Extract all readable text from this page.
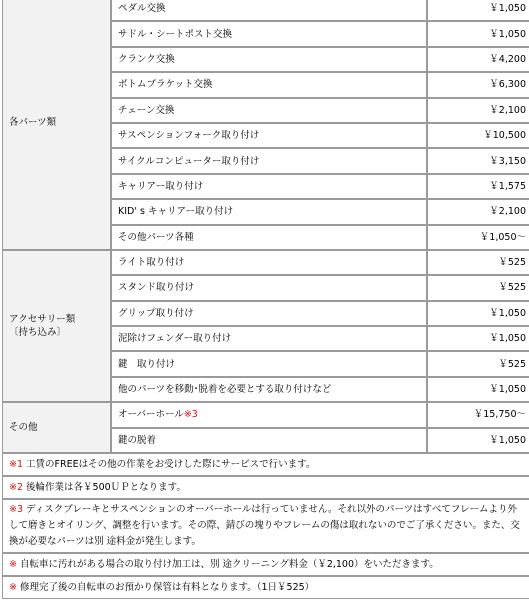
各パーツ類	ペダル交換	￥1,050
	サドル・シートポスト交換	￥1,050
	クランク交換	￥4,200
	ボトムブラケット交換	￥6,300
	チェーン交換	￥2,100
	サスペンションフォーク取り付け	￥10,500
	サイクルコンピューター取り付け	￥3,150
	キャリアー取り付け	￥1,575
	KID' s キャリアー取り付け	￥2,100
	その他パーツ各種	￥1,050～
アクセサリー類
〔持ち込み〕	ライト取り付け	￥525
	スタンド取り付け	￥525
	グリップ取り付け	￥1,050
	泥除けフェンダー取り付け	￥1,050
	鍵　取り付け	￥525
	他のパーツを移動･脱着を必要とする取り付けなど	￥1,050
その他	オーバーホール※3	￥15,750～
	鍵の脱着	￥1,050
※1 工賃のFREEはその他の作業をお受けした際にサービスで行います。		
※2 後輪作業は各￥500ＵＰとなります。		
※3 ディスクブレーキとサスペンションのオーバーホールは行っていません。それ以外のパーツはすべてフレームより外して磨きとオイリング、調整を行います。その際、錆びの塊りやフレームの傷は取れないのでご了承ください。また、交換が必要なパーツは別 途料金が発生します。		
※ 自転車に汚れがある場合の取り付け加工は、別 途クリーニング料金（￥2,100）をいただきます。		
※ 修理完了後の自転車のお預かり保管は有料となります。（1日￥525）		
